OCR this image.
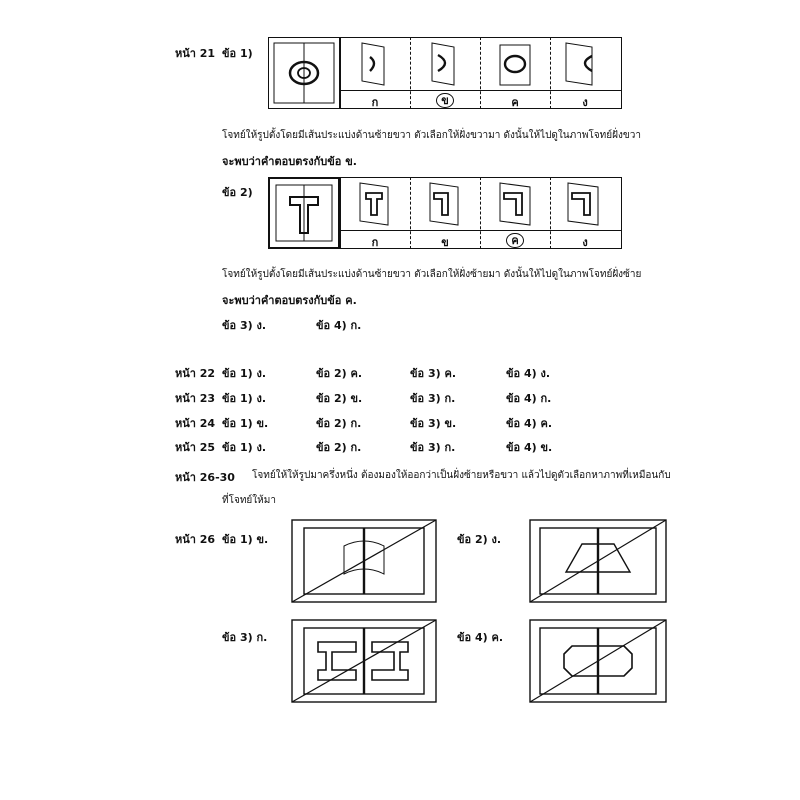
หน้า 21 ข้อ 1)
ก	ข	ค	ง
โจทย์ให้รูปตั้งโดยมีเส้นประแบ่งด้านซ้ายขวา ตัวเลือกให้ฝั่งขวามา ดังนั้นให้ไปดูในภาพโจทย์ฝั่งขวา
จะพบว่าคำตอบตรงกับข้อ ข.
ข้อ 2)
ก	ข	ค	ง
โจทย์ให้รูปตั้งโดยมีเส้นประแบ่งด้านซ้ายขวา ตัวเลือกให้ฝั่งซ้ายมา ดังนั้นให้ไปดูในภาพโจทย์ฝั่งซ้าย
จะพบว่าคำตอบตรงกับข้อ ค.
ข้อ 3) ง.	ข้อ 4) ก.
หน้า 22 ข้อ 1) ง.	ข้อ 2) ค.	ข้อ 3) ค.	ข้อ 4) ง.
หน้า 23 ข้อ 1) ง.	ข้อ 2) ข.	ข้อ 3) ก.	ข้อ 4) ก.
หน้า 24 ข้อ 1) ข.	ข้อ 2) ก.	ข้อ 3) ข.	ข้อ 4) ค.
หน้า 25 ข้อ 1) ง.	ข้อ 2) ก.	ข้อ 3) ก.	ข้อ 4) ข.
หน้า 26-30 โจทย์ให้ให้รูปมาครึ่งหนึ่ง ต้องมองให้ออกว่าเป็นฝั่งซ้ายหรือขวา แล้วไปดูตัวเลือกหาภาพที่เหมือนกับ
ที่โจทย์ให้มา
หน้า 26 ข้อ 1) ข.	ข้อ 2) ง.
ข้อ 3) ก.	ข้อ 4) ค.
